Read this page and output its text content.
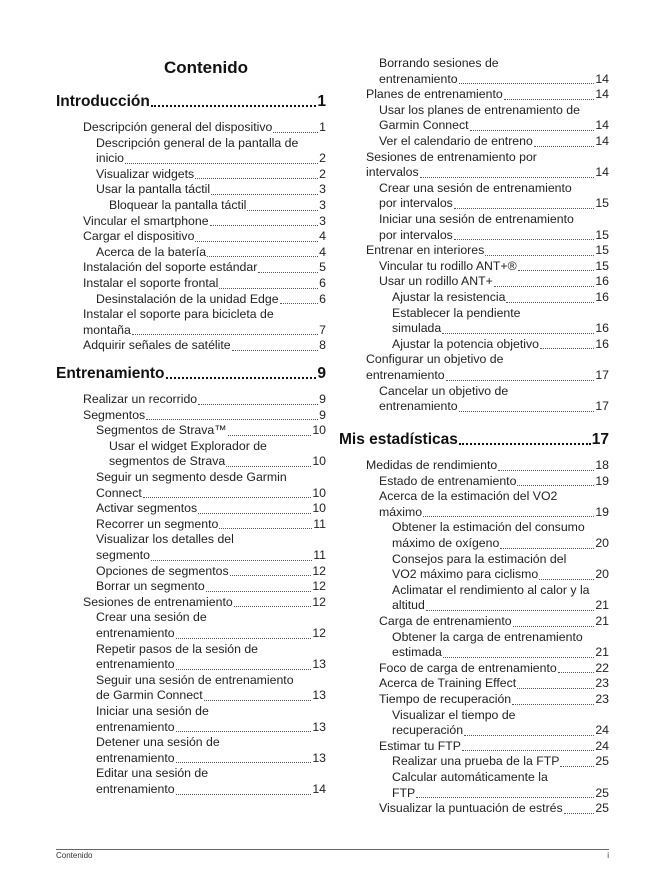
Contenido
Introducción	1
Descripción general del dispositivo	1
Descripción general de la pantalla de
inicio	2
Visualizar widgets	2
Usar la pantalla táctil	3
Bloquear la pantalla táctil	3
Vincular el smartphone	3
Cargar el dispositivo	4
Acerca de la batería	4
Instalación del soporte estándar	5
Instalar el soporte frontal	6
Desinstalación de la unidad Edge	6
Instalar el soporte para bicicleta de
montaña	7
Adquirir señales de satélite	8
Entrenamiento	9
Realizar un recorrido	9
Segmentos	9
Segmentos de Strava™	10
Usar el widget Explorador de
segmentos de Strava	10
Seguir un segmento desde Garmin
Connect	10
Activar segmentos	10
Recorrer un segmento	11
Visualizar los detalles del
segmento	11
Opciones de segmentos	12
Borrar un segmento	12
Sesiones de entrenamiento	12
Crear una sesión de
entrenamiento	12
Repetir pasos de la sesión de
entrenamiento	13
Seguir una sesión de entrenamiento
de Garmin Connect	13
Iniciar una sesión de
entrenamiento	13
Detener una sesión de
entrenamiento	13
Editar una sesión de
entrenamiento	14
Borrando sesiones de
entrenamiento	14
Planes de entrenamiento	14
Usar los planes de entrenamiento de
Garmin Connect	14
Ver el calendario de entreno	14
Sesiones de entrenamiento por
intervalos	14
Crear una sesión de entrenamiento
por intervalos	15
Iniciar una sesión de entrenamiento
por intervalos	15
Entrenar en interiores	15
Vincular tu rodillo ANT+®	15
Usar un rodillo ANT+	16
Ajustar la resistencia	16
Establecer la pendiente
simulada	16
Ajustar la potencia objetivo	16
Configurar un objetivo de
entrenamiento	17
Cancelar un objetivo de
entrenamiento	17
Mis estadísticas	17
Medidas de rendimiento	18
Estado de entrenamiento	19
Acerca de la estimación del VO2
máximo	19
Obtener la estimación del consumo
máximo de oxígeno	20
Consejos para la estimación del
VO2 máximo para ciclismo	20
Aclimatar el rendimiento al calor y la
altitud	21
Carga de entrenamiento	21
Obtener la carga de entrenamiento
estimada	21
Foco de carga de entrenamiento	22
Acerca de Training Effect	23
Tiempo de recuperación	23
Visualizar el tiempo de
recuperación	24
Estimar tu FTP	24
Realizar una prueba de la FTP	25
Calcular automáticamente la
FTP	25
Visualizar la puntuación de estrés	25
Contenido	i
